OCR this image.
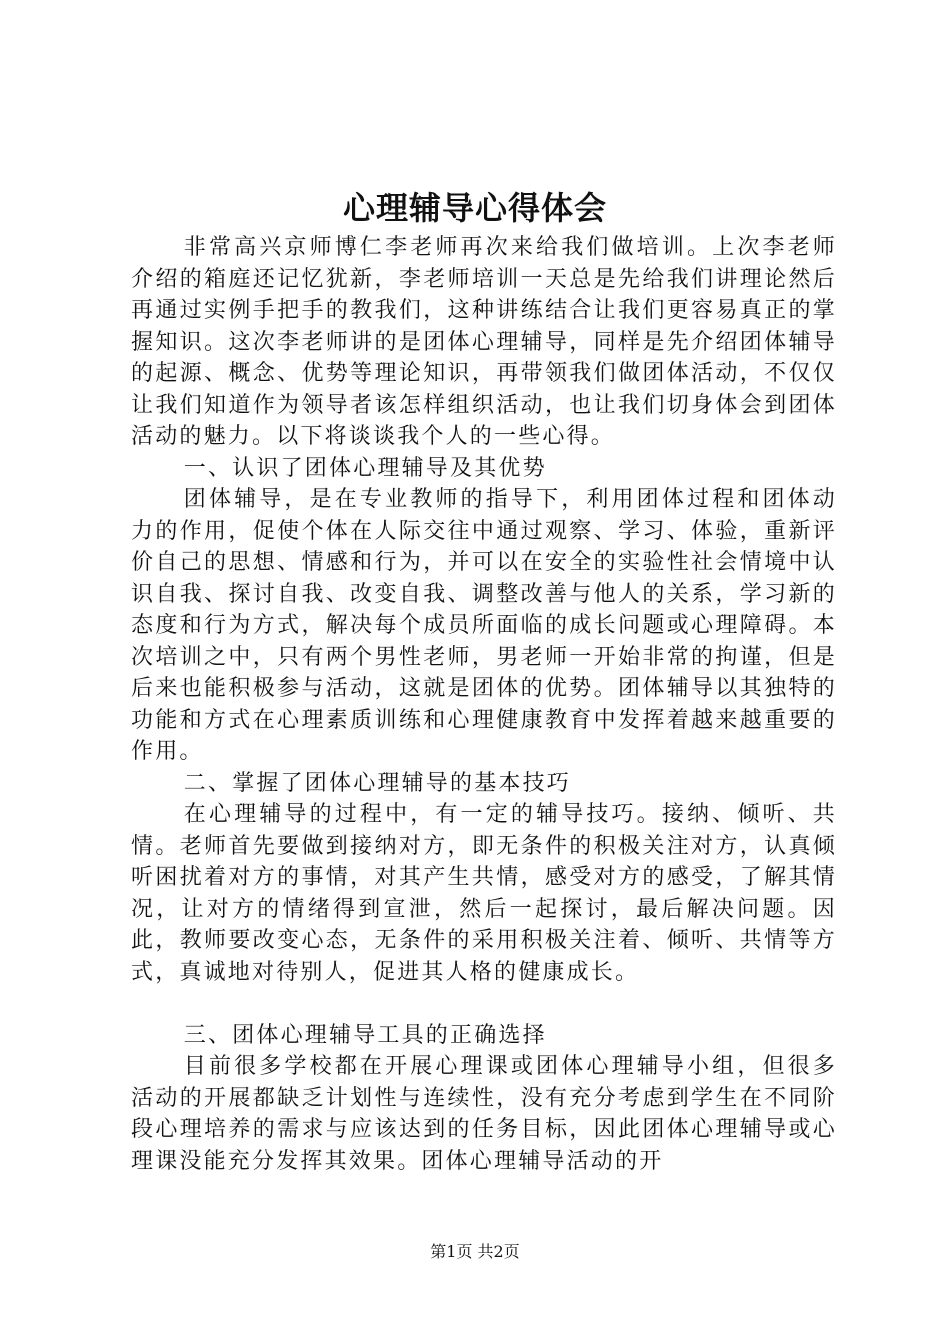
心理辅导心得体会

非常高兴京师博仁李老师再次来给我们做培训。上次李老师介绍的箱庭还记忆犹新，李老师培训一天总是先给我们讲理论然后再通过实例手把手的教我们，这种讲练结合让我们更容易真正的掌握知识。这次李老师讲的是团体心理辅导，同样是先介绍团体辅导的起源、概念、优势等理论知识，再带领我们做团体活动，不仅仅让我们知道作为领导者该怎样组织活动，也让我们切身体会到团体活动的魅力。以下将谈谈我个人的一些心得。

一、认识了团体心理辅导及其优势

团体辅导，是在专业教师的指导下，利用团体过程和团体动力的作用，促使个体在人际交往中通过观察、学习、体验，重新评价自己的思想、情感和行为，并可以在安全的实验性社会情境中认识自我、探讨自我、改变自我、调整改善与他人的关系，学习新的态度和行为方式，解决每个成员所面临的成长问题或心理障碍。本次培训之中，只有两个男性老师，男老师一开始非常的拘谨，但是后来也能积极参与活动，这就是团体的优势。团体辅导以其独特的功能和方式在心理素质训练和心理健康教育中发挥着越来越重要的作用。

二、掌握了团体心理辅导的基本技巧

在心理辅导的过程中，有一定的辅导技巧。接纳、倾听、共情。老师首先要做到接纳对方，即无条件的积极关注对方，认真倾听困扰着对方的事情，对其产生共情，感受对方的感受，了解其情况，让对方的情绪得到宣泄，然后一起探讨，最后解决问题。因此，教师要改变心态，无条件的采用积极关注着、倾听、共情等方式，真诚地对待别人，促进其人格的健康成长。

三、团体心理辅导工具的正确选择

目前很多学校都在开展心理课或团体心理辅导小组，但很多活动的开展都缺乏计划性与连续性，没有充分考虑到学生在不同阶段心理培养的需求与应该达到的任务目标，因此团体心理辅导或心理课没能充分发挥其效果。团体心理辅导活动的开

第1页 共2页
